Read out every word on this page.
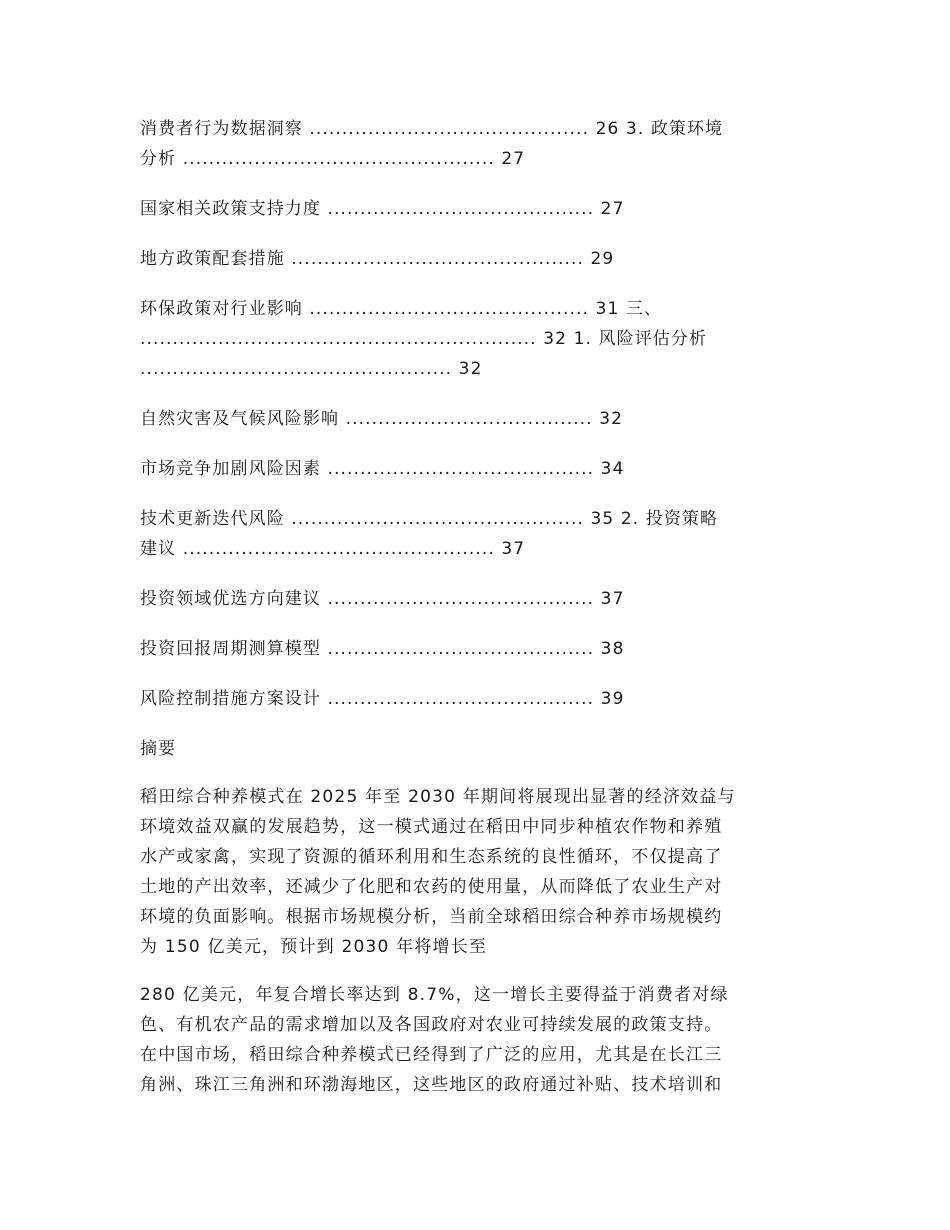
消费者行为数据洞察 ........................................... 26 3. 政策环境
分析 ................................................ 27
国家相关政策支持力度 ......................................... 27
地方政策配套措施 ............................................. 29
环保政策对行业影响 ........................................... 31 三、
............................................................. 32 1. 风险评估分析
................................................ 32
自然灾害及气候风险影响 ...................................... 32
市场竞争加剧风险因素 ......................................... 34
技术更新迭代风险 ............................................. 35 2. 投资策略
建议 ................................................ 37
投资领域优选方向建议 ......................................... 37
投资回报周期测算模型 ......................................... 38
风险控制措施方案设计 ......................................... 39
摘要
稻田综合种养模式在 2025 年至 2030 年期间将展现出显著的经济效益与
环境效益双赢的发展趋势，这一模式通过在稻田中同步种植农作物和养殖
水产或家禽，实现了资源的循环利用和生态系统的良性循环，不仅提高了
土地的产出效率，还减少了化肥和农药的使用量，从而降低了农业生产对
环境的负面影响。根据市场规模分析，当前全球稻田综合种养市场规模约
为 150 亿美元，预计到 2030 年将增长至
280 亿美元，年复合增长率达到 8.7%，这一增长主要得益于消费者对绿
色、有机农产品的需求增加以及各国政府对农业可持续发展的政策支持。
在中国市场，稻田综合种养模式已经得到了广泛的应用，尤其是在长江三
角洲、珠江三角洲和环渤海地区，这些地区的政府通过补贴、技术培训和
